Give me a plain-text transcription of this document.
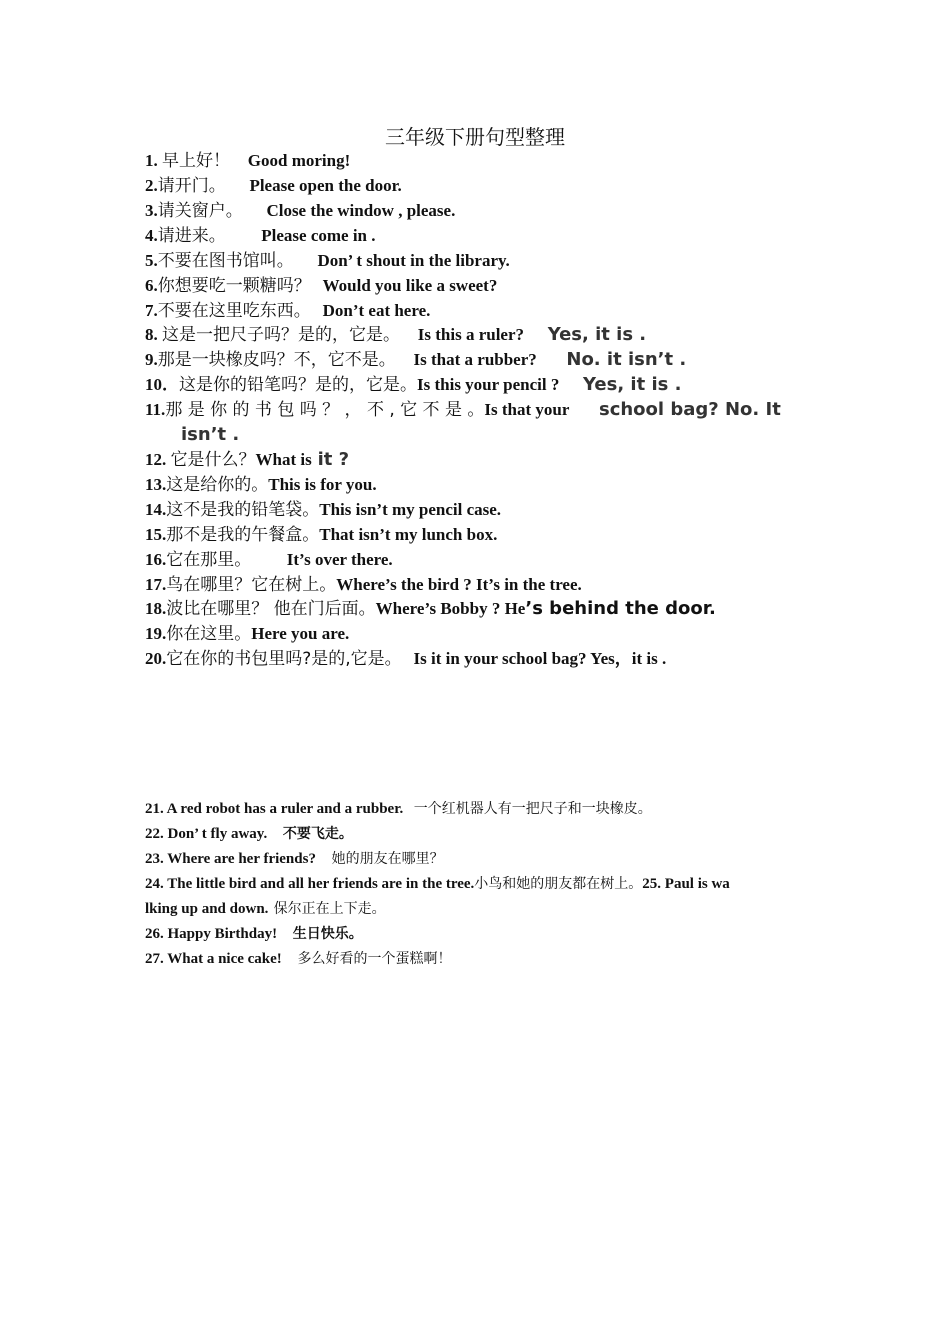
三年级下册句型整理
1. 早上好！ Good moring!
2.请开门。 Please open the door.
3.请关窗户。 Close the window , please.
4.请进来。 Please come in .
5.不要在图书馆叫。 Don’ t shout in the library.
6.你想要吃一颗糖吗？ Would you like a sweet?
7.不要在这里吃东西。 Don’t eat here.
8. 这是一把尺子吗？是的，它是。 Is this a ruler? Yes, it is .
9.那是一块橡皮吗？不，它不是。 Is that a rubber? No. it isn’t .
10．这是你的铅笔吗？是的，它是。Is this your pencil ? Yes, it is .
11.那 是 你 的 书 包 吗 ？ ， 不 , 它 不 是 。Is that your school bag? No. It
isn’t .
12. 它是什么？What is it ?
13.这是给你的。This is for you.
14.这不是我的铅笔袋。This isn’t my pencil case.
15.那不是我的午餐盒。That isn’t my lunch box.
16.它在那里。 It’s over there.
17.鸟在哪里？它在树上。Where’s the bird ? It’s in the tree.
18.波比在哪里？ 他在门后面。Where’s Bobby ? He’s behind the door.
19.你在这里。Here you are.
20.它在你的书包里吗?是的,它是。 Is it in your school bag? Yes，it is .
21. A red robot has a ruler and a rubber. 一个红机器人有一把尺子和一块橡皮。
22. Don’ t fly away. 不要飞走。
23. Where are her friends? 她的朋友在哪里？
24. The little bird and all her friends are in the tree.小鸟和她的朋友都在树上。25. Paul is wa
lking up and down. 保尔正在上下走。
26. Happy Birthday! 生日快乐。
27. What a nice cake! 多么好看的一个蛋糕啊！
